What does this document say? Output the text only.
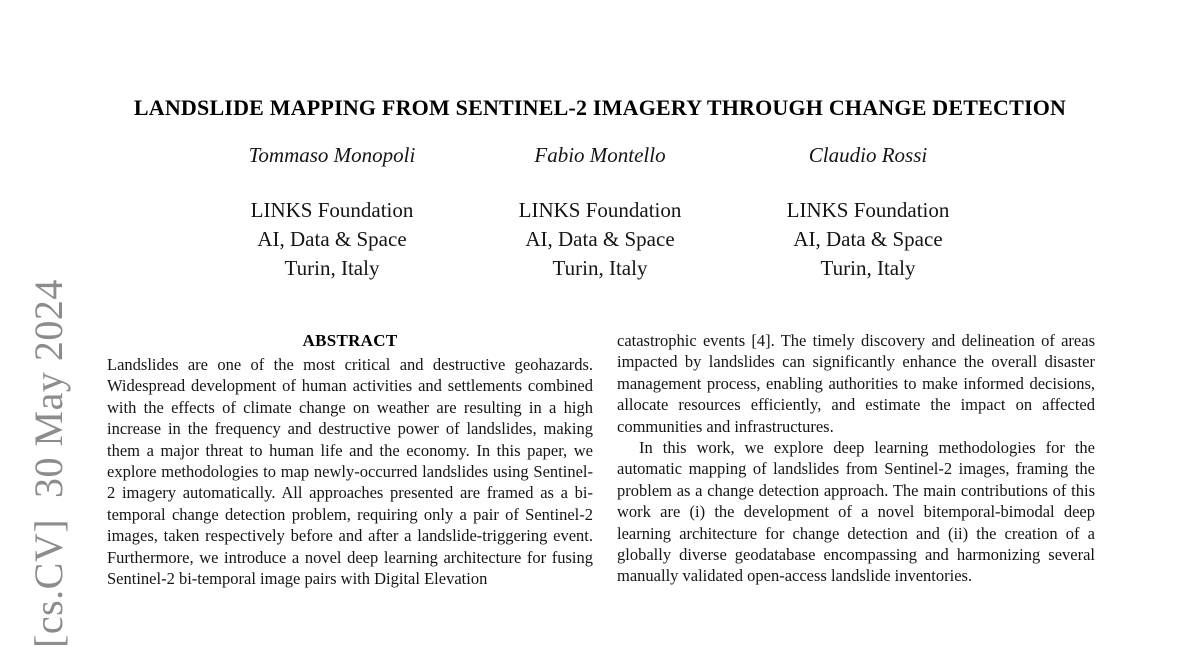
[cs.CV]  30 May 2024
LANDSLIDE MAPPING FROM SENTINEL-2 IMAGERY THROUGH CHANGE DETECTION
Tommaso Monopoli
LINKS Foundation
AI, Data & Space
Turin, Italy
Fabio Montello
LINKS Foundation
AI, Data & Space
Turin, Italy
Claudio Rossi
LINKS Foundation
AI, Data & Space
Turin, Italy
ABSTRACT

Landslides are one of the most critical and destructive geohazards. Widespread development of human activities and settlements combined with the effects of climate change on weather are resulting in a high increase in the frequency and destructive power of landslides, making them a major threat to human life and the economy. In this paper, we explore methodologies to map newly-occurred landslides using Sentinel-2 imagery automatically. All approaches presented are framed as a bi-temporal change detection problem, requiring only a pair of Sentinel-2 images, taken respectively before and after a landslide-triggering event. Furthermore, we introduce a novel deep learning architecture for fusing Sentinel-2 bi-temporal image pairs with Digital Elevation

catastrophic events [4]. The timely discovery and delineation of areas impacted by landslides can significantly enhance the overall disaster management process, enabling authorities to make informed decisions, allocate resources efficiently, and estimate the impact on affected communities and infrastructures.

In this work, we explore deep learning methodologies for the automatic mapping of landslides from Sentinel-2 images, framing the problem as a change detection approach. The main contributions of this work are (i) the development of a novel bitemporal-bimodal deep learning architecture for change detection and (ii) the creation of a globally diverse geodatabase encompassing and harmonizing several manually validated open-access landslide inventories.
